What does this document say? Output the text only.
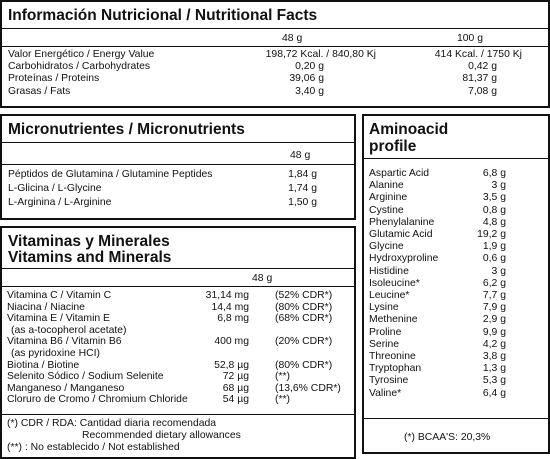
Información Nutricional / Nutritional Facts
48 g	100 g
Valor Energético / Energy Value	198,72 Kcal. / 840,80 Kj	414 Kcal. / 1750 Kj
Carbohidratos / Carbohydrates	0,20 g	0,42 g
Proteínas / Proteins	39,06 g	81,37 g
Grasas / Fats	3,40 g	7,08 g
Micronutrientes / Micronutrients
48 g
Péptidos de Glutamina / Glutamine Peptides	1,84 g
L-Glicina / L-Glycine	1,74 g
L-Arginina / L-Arginine	1,50 g
Aminoacid
profile
Aspartic Acid	6,8 g
Alanine	3 g
Arginine	3,5 g
Cystine	0,8 g
Phenylalanine	4,8 g
Glutamic Acid	19,2 g
Glycine	1,9 g
Hydroxyproline	0,6 g
Histidine	3 g
Isoleucine*	6,2 g
Leucine*	7,7 g
Lysine	7,9 g
Methenine	2,9 g
Proline	9,9 g
Serine	4,2 g
Threonine	3,8 g
Tryptophan	1,3 g
Tyrosine	5,3 g
Valine*	6,4 g
(*) BCAA'S: 20,3%
Vitaminas y Minerales
Vitamins and Minerals
48 g
Vitamina C / Vitamin C	31,14 mg	(52% CDR*)
Niacina / Niacine	14,4 mg	(80% CDR*)
Vitamina E / Vitamin E	6,8 mg	(68% CDR*)
(as a-tocopherol acetate)
Vitamina B6 / Vitamin B6	400 mg	(20% CDR*)
(as pyridoxine HCI)
Biotina / Biotine	52,8 µg	(80% CDR*)
Selenito Sódico / Sodium Selenite	72 µg	(**)
Manganeso / Manganeso	68 µg	(13,6% CDR*)
Cloruro de Cromo / Chromium Chloride	54 µg	(**)
(*) CDR / RDA: Cantidad diaria recomendada
Recommended dietary allowances
(**) : No establecido / Not established
